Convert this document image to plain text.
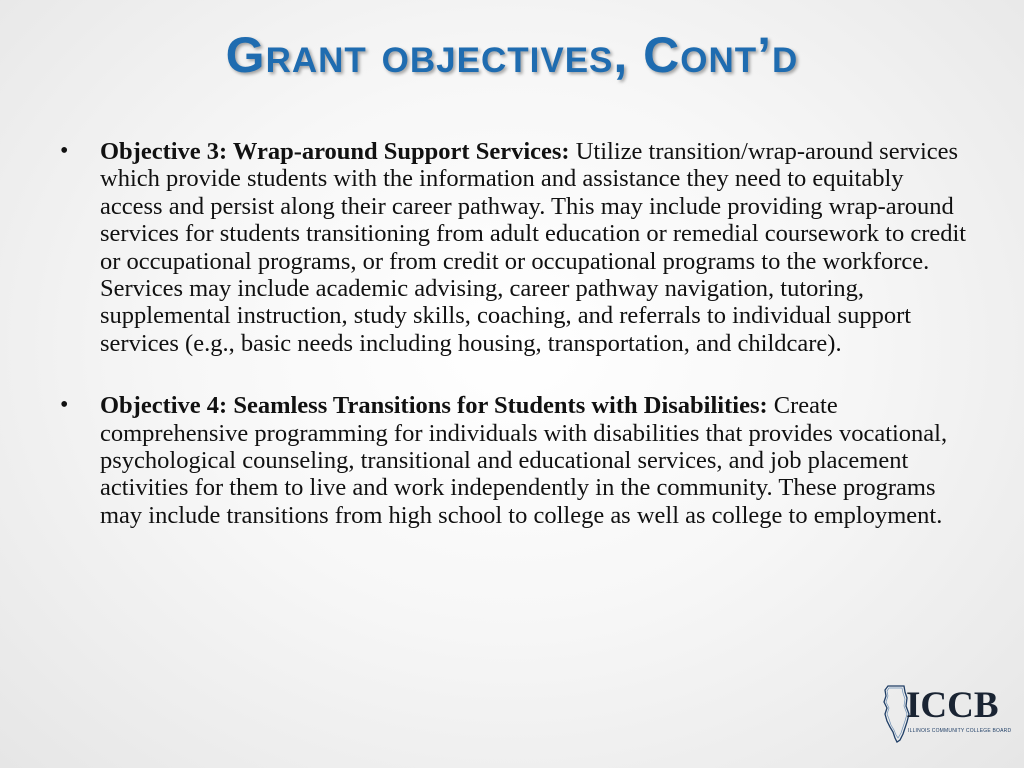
Grant objectives, Cont’d
• Objective 3: Wrap-around Support Services: Utilize transition/wrap-around services which provide students with the information and assistance they need to equitably access and persist along their career pathway. This may include providing wrap-around services for students transitioning from adult education or remedial coursework to credit or occupational programs, or from credit or occupational programs to the workforce. Services may include academic advising, career pathway navigation, tutoring, supplemental instruction, study skills, coaching, and referrals to individual support services (e.g., basic needs including housing, transportation, and childcare).
• Objective 4: Seamless Transitions for Students with Disabilities: Create comprehensive programming for individuals with disabilities that provides vocational, psychological counseling, transitional and educational services, and job placement activities for them to live and work independently in the community. These programs may include transitions from high school to college as well as college to employment.
ICCB
ILLINOIS COMMUNITY COLLEGE BOARD
